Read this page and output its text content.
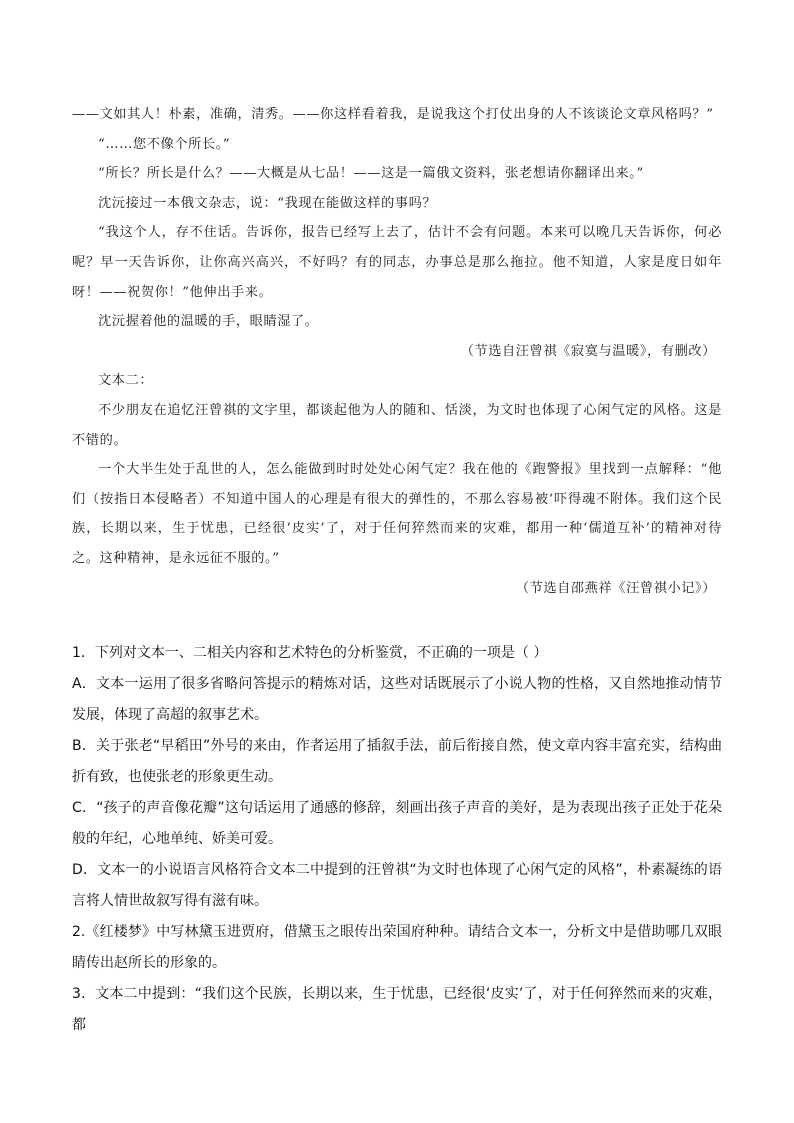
——文如其人！朴素，准确，清秀。——你这样看着我，是说我这个打仗出身的人不该谈论文章风格吗？”

“……您不像个所长。”

“所长？所长是什么？——大概是从七品！——这是一篇俄文资料，张老想请你翻译出来。”

沈沅接过一本俄文杂志，说：“我现在能做这样的事吗？

“我这个人，存不住话。告诉你，报告已经写上去了，估计不会有问题。本来可以晚几天告诉你，何必呢？早一天告诉你，让你高兴高兴，不好吗？有的同志，办事总是那么拖拉。他不知道，人家是度日如年呀！——祝贺你！”他伸出手来。

沈沅握着他的温暖的手，眼睛湿了。

（节选自汪曾祺《寂寞与温暖》，有删改）

文本二：

不少朋友在追忆汪曾祺的文字里，都谈起他为人的随和、恬淡，为文时也体现了心闲气定的风格。这是不错的。

一个大半生处于乱世的人，怎么能做到时时处处心闲气定？我在他的《跑警报》里找到一点解释：“他们（按指日本侵略者）不知道中国人的心理是有很大的弹性的，不那么容易被‘吓得魂不附体。我们这个民族，长期以来，生于忧患，已经很‘皮实’了，对于任何猝然而来的灾难，都用一种‘儒道互补’的精神对待之。这种精神，是永远征不服的。”

（节选自邵燕祥《汪曾祺小记》）

1．下列对文本一、二相关内容和艺术特色的分析鉴赏，不正确的一项是（ ）

A．文本一运用了很多省略问答提示的精炼对话，这些对话既展示了小说人物的性格，又自然地推动情节发展，体现了高超的叙事艺术。

B．关于张老“早稻田”外号的来由，作者运用了插叙手法，前后衔接自然，使文章内容丰富充实，结构曲折有致，也使张老的形象更生动。

C．“孩子的声音像花瓣”这句话运用了通感的修辞，刻画出孩子声音的美好，是为表现出孩子正处于花朵般的年纪，心地单纯、娇美可爱。

D．文本一的小说语言风格符合文本二中提到的汪曾祺“为文时也体现了心闲气定的风格”，朴素凝练的语言将人情世故叙写得有滋有味。

2.《红楼梦》中写林黛玉进贾府，借黛玉之眼传出荣国府种种。请结合文本一，分析文中是借助哪几双眼睛传出赵所长的形象的。

3．文本二中提到：“我们这个民族，长期以来，生于忧患，已经很‘皮实’了，对于任何猝然而来的灾难，都
